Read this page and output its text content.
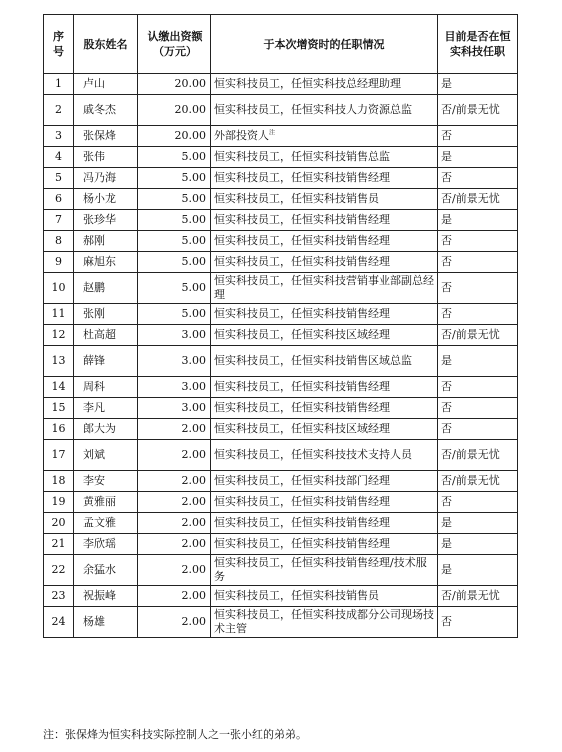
序号	股东姓名	认缴出资额（万元）	于本次增资时的任职情况	目前是否在恒实科技任职

1	卢山	20.00	恒实科技员工，任恒实科技总经理助理	是
2	戚冬杰	20.00	恒实科技员工，任恒实科技人力资源总监	否/前景无忧
3	张保烽	20.00	外部投资人$^注$	否
4	张伟	5.00	恒实科技员工，任恒实科技销售总监	是
5	冯乃海	5.00	恒实科技员工，任恒实科技销售经理	否
6	杨小龙	5.00	恒实科技员工，任恒实科技销售员	否/前景无忧
7	张珍华	5.00	恒实科技员工，任恒实科技销售经理	是
8	郝刚	5.00	恒实科技员工，任恒实科技销售经理	否
9	麻旭东	5.00	恒实科技员工，任恒实科技销售经理	否
10	赵鹏	5.00	恒实科技员工，任恒实科技营销事业部副总经理	否
11	张刚	5.00	恒实科技员工，任恒实科技销售经理	否
12	杜高超	3.00	恒实科技员工，任恒实科技区域经理	否/前景无忧
13	薛锋	3.00	恒实科技员工，任恒实科技销售区域总监	是
14	周科	3.00	恒实科技员工，任恒实科技销售经理	否
15	李凡	3.00	恒实科技员工，任恒实科技销售经理	否
16	郎大为	2.00	恒实科技员工，任恒实科技区域经理	否
17	刘斌	2.00	恒实科技员工，任恒实科技技术支持人员	否/前景无忧
18	李安	2.00	恒实科技员工，任恒实科技部门经理	否/前景无忧
19	黄雅丽	2.00	恒实科技员工，任恒实科技销售经理	否
20	孟文雅	2.00	恒实科技员工，任恒实科技销售经理	是
21	李欣瑶	2.00	恒实科技员工，任恒实科技销售经理	是
22	余猛水	2.00	恒实科技员工，任恒实科技销售经理/技术服务	是
23	祝振峰	2.00	恒实科技员工，任恒实科技销售员	否/前景无忧
24	杨雄	2.00	恒实科技员工，任恒实科技成都分公司现场技术主管	否
注：张保烽为恒实科技实际控制人之一张小红的弟弟。
